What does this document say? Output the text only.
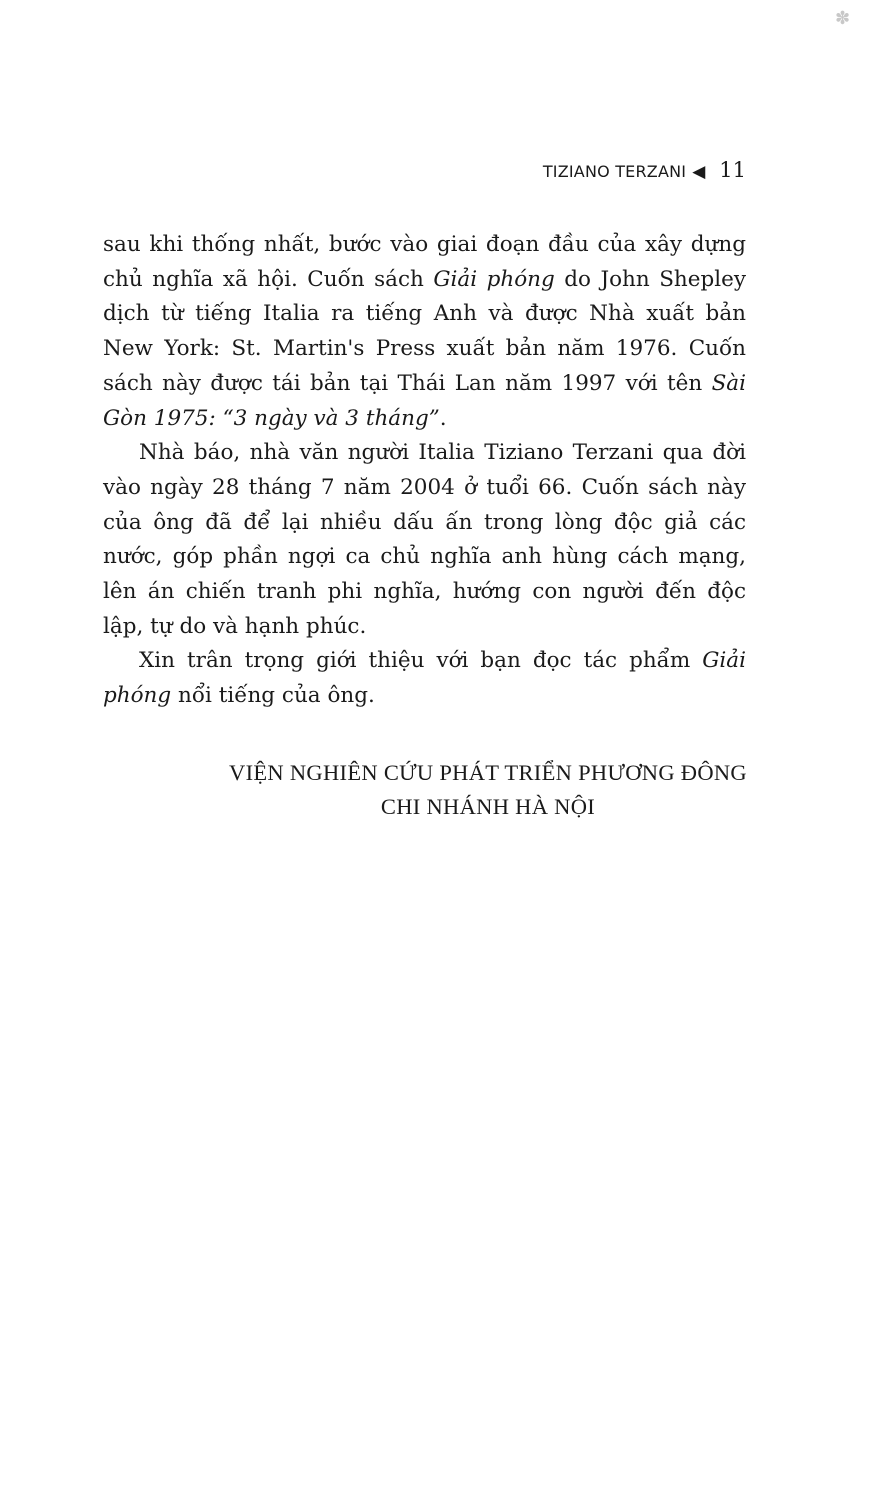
✽
TIZIANO TERZANI ◀ 11

sau khi thống nhất, bước vào giai đoạn đầu của xây dựng chủ nghĩa xã hội. Cuốn sách Giải phóng do John Shepley dịch từ tiếng Italia ra tiếng Anh và được Nhà xuất bản New York: St. Martin's Press xuất bản năm 1976. Cuốn sách này được tái bản tại Thái Lan năm 1997 với tên Sài Gòn 1975: “3 ngày và 3 tháng”.

Nhà báo, nhà văn người Italia Tiziano Terzani qua đời vào ngày 28 tháng 7 năm 2004 ở tuổi 66. Cuốn sách này của ông đã để lại nhiều dấu ấn trong lòng độc giả các nước, góp phần ngợi ca chủ nghĩa anh hùng cách mạng, lên án chiến tranh phi nghĩa, hướng con người đến độc lập, tự do và hạnh phúc.

Xin trân trọng giới thiệu với bạn đọc tác phẩm Giải phóng nổi tiếng của ông.

VIỆN NGHIÊN CỨU PHÁT TRIỂN PHƯƠNG ĐÔNG
CHI NHÁNH HÀ NỘI
